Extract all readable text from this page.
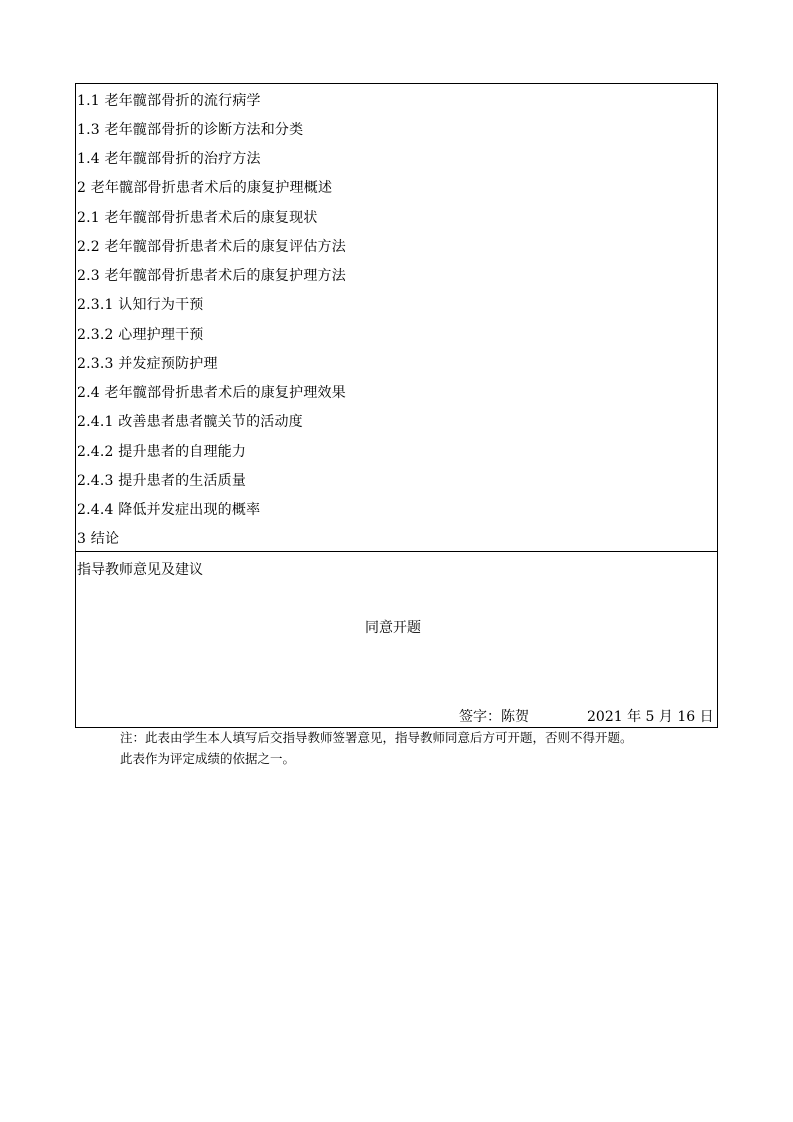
1.1 老年髋部骨折的流行病学
1.3 老年髋部骨折的诊断方法和分类
1.4 老年髋部骨折的治疗方法
2 老年髋部骨折患者术后的康复护理概述
2.1 老年髋部骨折患者术后的康复现状
2.2 老年髋部骨折患者术后的康复评估方法
2.3 老年髋部骨折患者术后的康复护理方法
2.3.1 认知行为干预
2.3.2 心理护理干预
2.3.3 并发症预防护理
2.4 老年髋部骨折患者术后的康复护理效果
2.4.1 改善患者患者髋关节的活动度
2.4.2 提升患者的自理能力
2.4.3 提升患者的生活质量
2.4.4 降低并发症出现的概率
3 结论
指导教师意见及建议
同意开题
签字：陈贺	2021 年 5 月 16 日
注：此表由学生本人填写后交指导教师签署意见，指导教师同意后方可开题，否则不得开题。
此表作为评定成绩的依据之一。
